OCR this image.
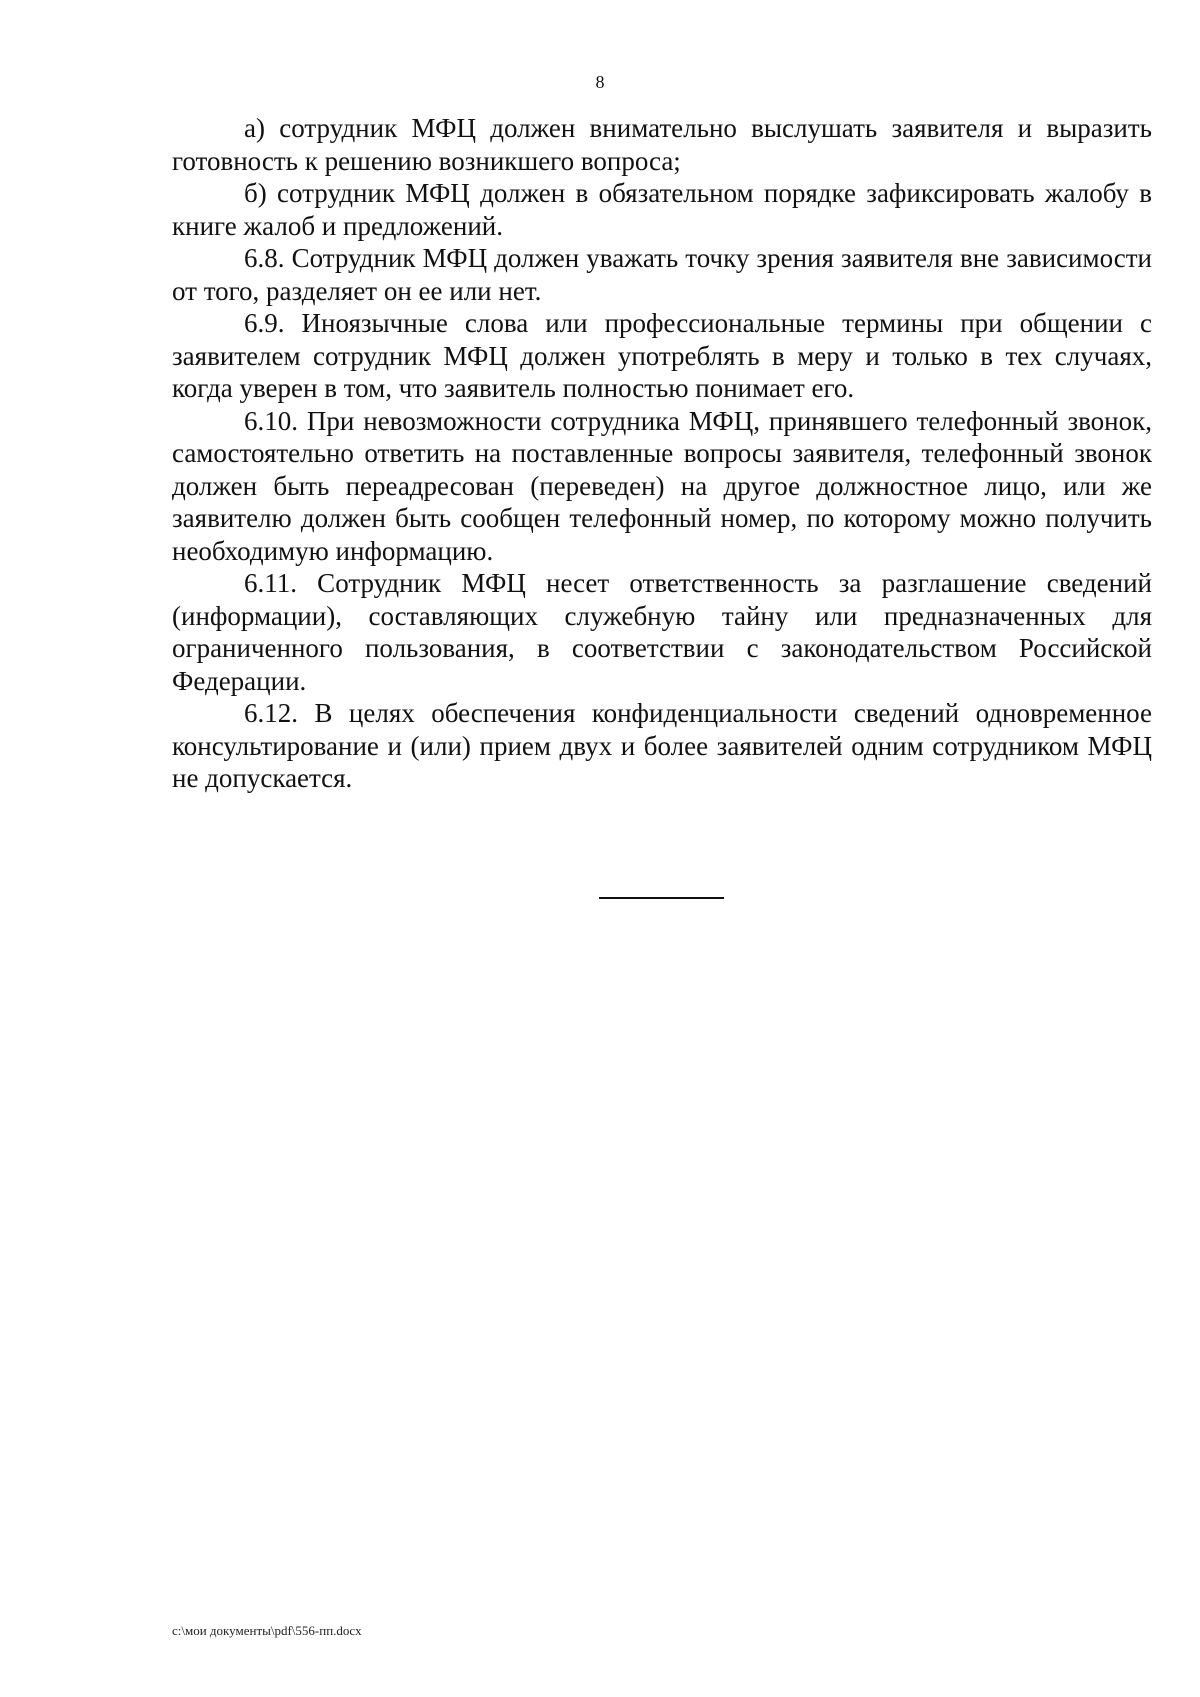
8

а) сотрудник МФЦ должен внимательно выслушать заявителя и выразить готовность к решению возникшего вопроса;

б) сотрудник МФЦ должен в обязательном порядке зафиксировать жалобу в книге жалоб и предложений.

6.8. Сотрудник МФЦ должен уважать точку зрения заявителя вне зависимости от того, разделяет он ее или нет.

6.9. Иноязычные слова или профессиональные термины при общении с заявителем сотрудник МФЦ должен употреблять в меру и только в тех случаях, когда уверен в том, что заявитель полностью понимает его.

6.10. При невозможности сотрудника МФЦ, принявшего телефонный звонок, самостоятельно ответить на поставленные вопросы заявителя, телефонный звонок должен быть переадресован (переведен) на другое должностное лицо, или же заявителю должен быть сообщен телефонный номер, по которому можно получить необходимую информацию.

6.11. Сотрудник МФЦ несет ответственность за разглашение сведений (информации), составляющих служебную тайну или предназначенных для ограниченного пользования, в соответствии с законодательством Российской Федерации.

6.12. В целях обеспечения конфиденциальности сведений одновременное консультирование и (или) прием двух и более заявителей одним сотрудником МФЦ не допускается.

с:\мои документы\pdf\556-пп.docx
